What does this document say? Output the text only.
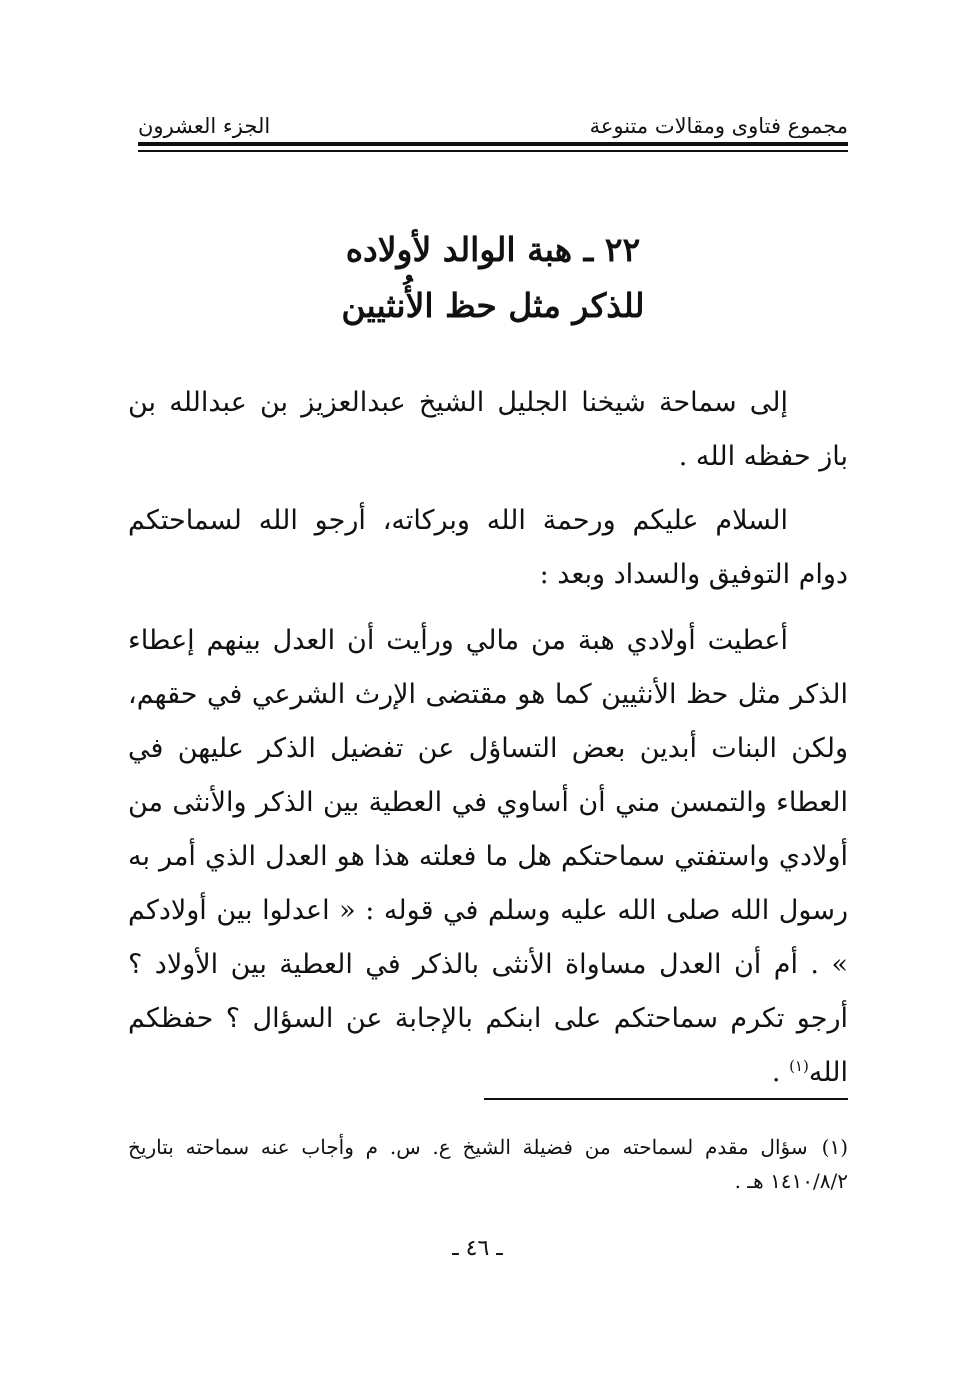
مجموع فتاوى ومقالات متنوعة
الجزء العشرون
٢٢ ـ هبة الوالد لأولاده
للذكر مثل حظ الأُنثيين

إلى سماحة شيخنا الجليل الشيخ عبدالعزيز بن عبدالله بن باز حفظه الله .

السلام عليكم ورحمة الله وبركاته، أرجو الله لسماحتكم دوام التوفيق والسداد وبعد :

أعطيت أولادي هبة من مالي ورأيت أن العدل بينهم إعطاء الذكر مثل حظ الأنثيين كما هو مقتضى الإرث الشرعي في حقهم، ولكن البنات أبدين بعض التساؤل عن تفضيل الذكر عليهن في العطاء والتمسن مني أن أساوي في العطية بين الذكر والأنثى من أولادي واستفتي سماحتكم هل ما فعلته هذا هو العدل الذي أمر به رسول الله صلى الله عليه وسلم في قوله : « اعدلوا بين أولادكم » . أم أن العدل مساواة الأنثى بالذكر في العطية بين الأولاد ؟ أرجو تكرم سماحتكم على ابنكم بالإجابة عن السؤال ؟ حفظكم الله$^{(١)}$ .

(١)سؤال مقدم لسماحته من فضيلة الشيخ ع. س. م وأجاب عنه سماحته بتاريخ ١٤١٠/٨/٢ هـ .
ـ ٤٦ ـ
